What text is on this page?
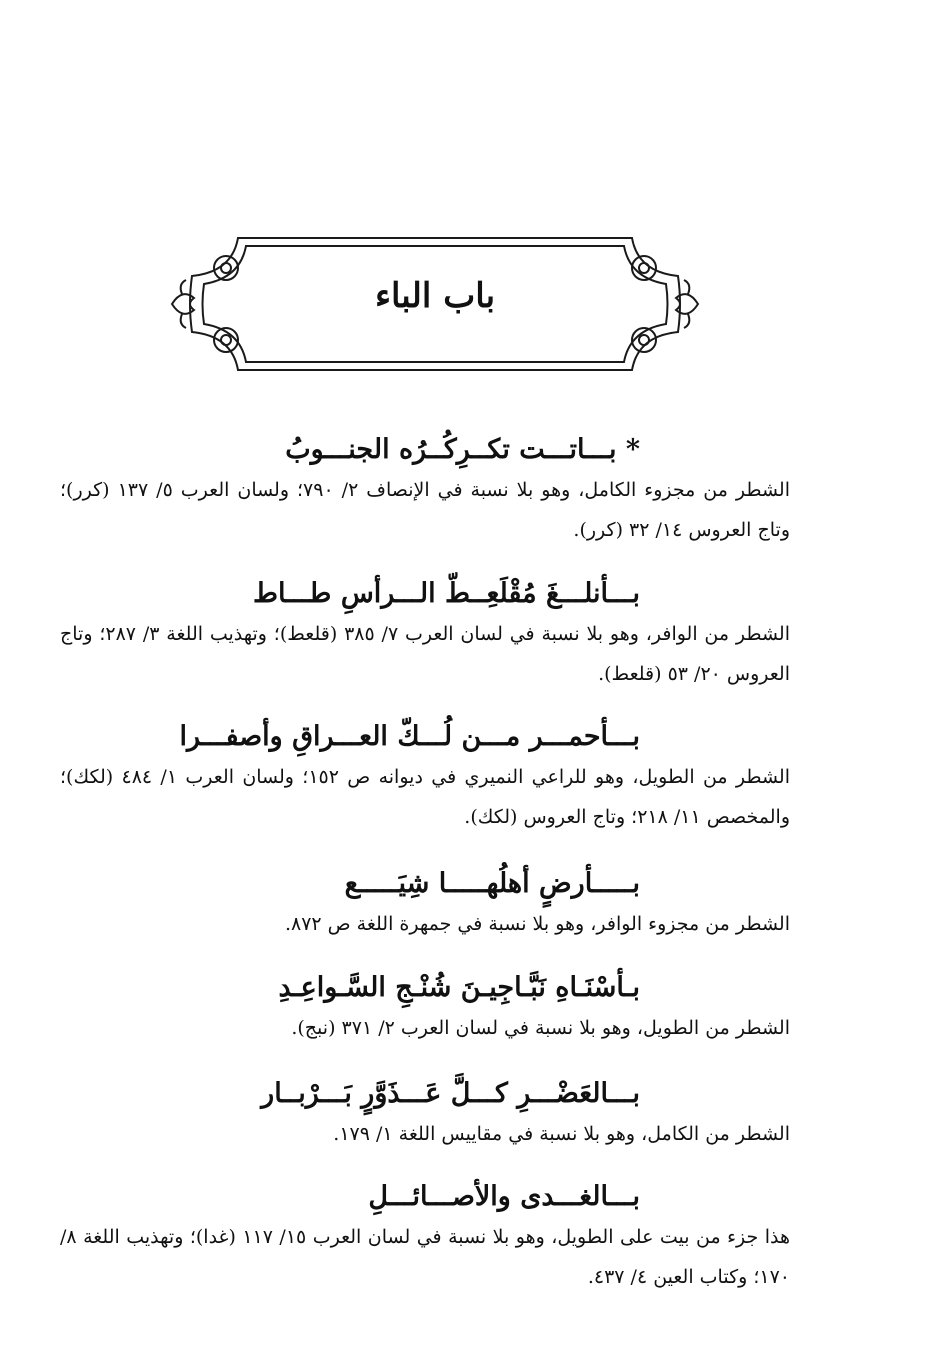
باب الباء
* بـــاتـــت تكــرِكُــرُه الجنـــوبُ
الشطر من مجزوء الكامل، وهو بلا نسبة في الإنصاف ٢/ ٧٩٠؛ ولسان العرب ٥/ ١٣٧ (كرر)؛ وتاج العروس ١٤/ ٣٢ (كرر).
بـــأنلـــغَ مُقْلَعِــطّ الـــرأسِ طـــاط
الشطر من الوافر، وهو بلا نسبة في لسان العرب ٧/ ٣٨٥ (قلعط)؛ وتهذيب اللغة ٣/ ٢٨٧؛ وتاج العروس ٢٠/ ٥٣ (قلعط).
بـــأحمـــر مـــن لُـــكّ العـــراقِ وأصفـــرا
الشطر من الطويل، وهو للراعي النميري في ديوانه ص ١٥٢؛ ولسان العرب ١/ ٤٨٤ (لكك)؛ والمخصص ١١/ ٢١٨؛ وتاج العروس (لكك).
بـــــأرضٍ أهلُهـــــا شِيَـــــع
الشطر من مجزوء الوافر، وهو بلا نسبة في جمهرة اللغة ص ٨٧٢.
بـأسْنَـاهِ نَبَّـاجِيـنَ شُنْـجِ السَّـواعِـدِ
الشطر من الطويل، وهو بلا نسبة في لسان العرب ٢/ ٣٧١ (نبج).
بـــالعَضْـــرِ كـــلَّ عَـــذَوَّرٍ بَـــرْبــار
الشطر من الكامل، وهو بلا نسبة في مقاييس اللغة ١/ ١٧٩.
بـــالغـــدى والأصـــائـــلِ
هذا جزء من بيت على الطويل، وهو بلا نسبة في لسان العرب ١٥/ ١١٧ (غدا)؛ وتهذيب اللغة ٨/ ١٧٠؛ وكتاب العين ٤/ ٤٣٧.
